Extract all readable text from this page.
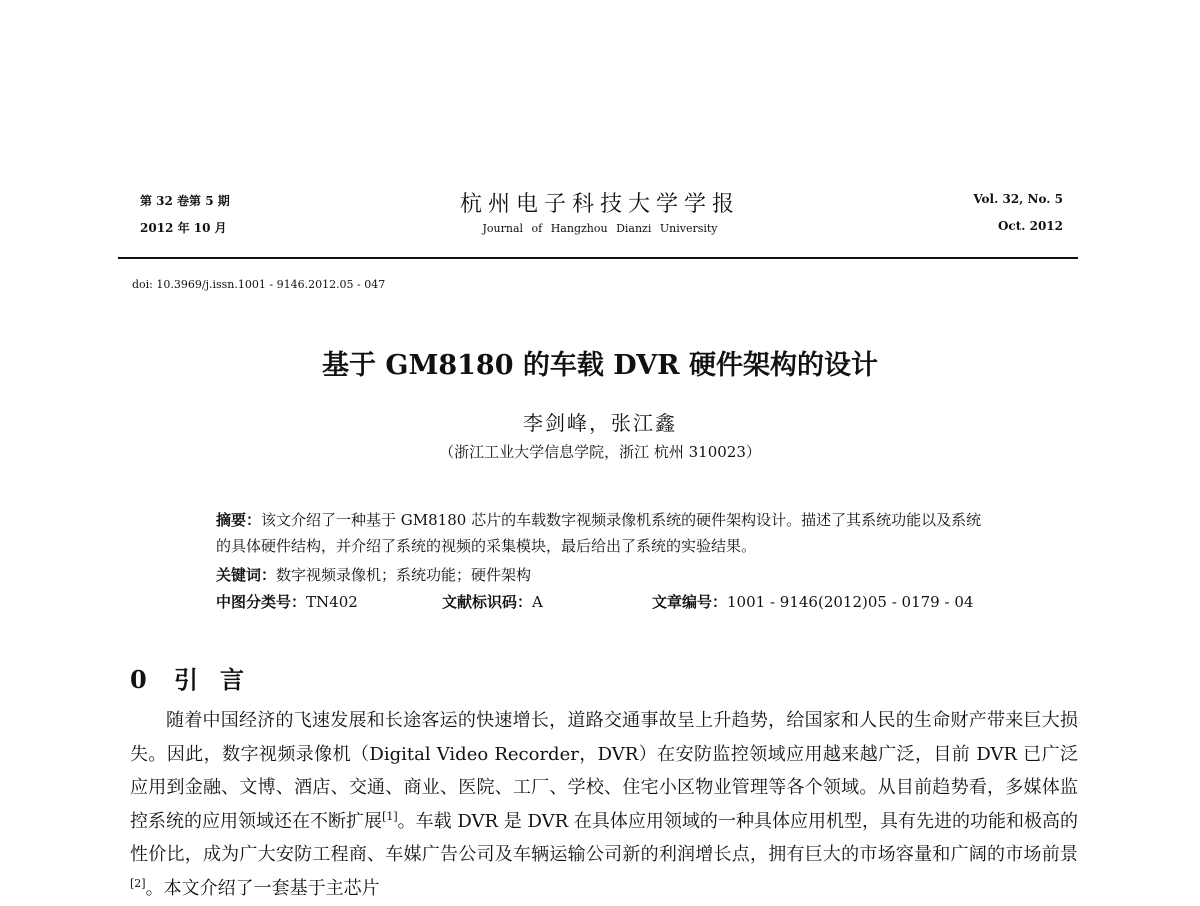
第 32 卷第 5 期
2012 年 10 月
杭州电子科技大学学报
Journal of Hangzhou Dianzi University
Vol. 32, No. 5
Oct. 2012
doi: 10.3969/j.issn.1001 - 9146.2012.05 - 047
基于 GM8180 的车载 DVR 硬件架构的设计
李剑峰，张江鑫
（浙江工业大学信息学院，浙江 杭州 310023）
摘要：该文介绍了一种基于 GM8180 芯片的车载数字视频录像机系统的硬件架构设计。描述了其系统功能以及系统的具体硬件结构，并介绍了系统的视频的采集模块，最后给出了系统的实验结果。
关键词：数字视频录像机；系统功能；硬件架构
中图分类号：TN402	文献标识码：A	文章编号：1001 - 9146(2012)05 - 0179 - 04
0 引言
随着中国经济的飞速发展和长途客运的快速增长，道路交通事故呈上升趋势，给国家和人民的生命财产带来巨大损失。因此，数字视频录像机（Digital Video Recorder，DVR）在安防监控领域应用越来越广泛，目前 DVR 已广泛应用到金融、文博、酒店、交通、商业、医院、工厂、学校、住宅小区物业管理等各个领域。从目前趋势看，多媒体监控系统的应用领域还在不断扩展[1]。车载 DVR 是 DVR 在具体应用领域的一种具体应用机型，具有先进的功能和极高的性价比，成为广大安防工程商、车媒广告公司及车辆运输公司新的利润增长点，拥有巨大的市场容量和广阔的市场前景[2]。本文介绍了一套基于主芯片
